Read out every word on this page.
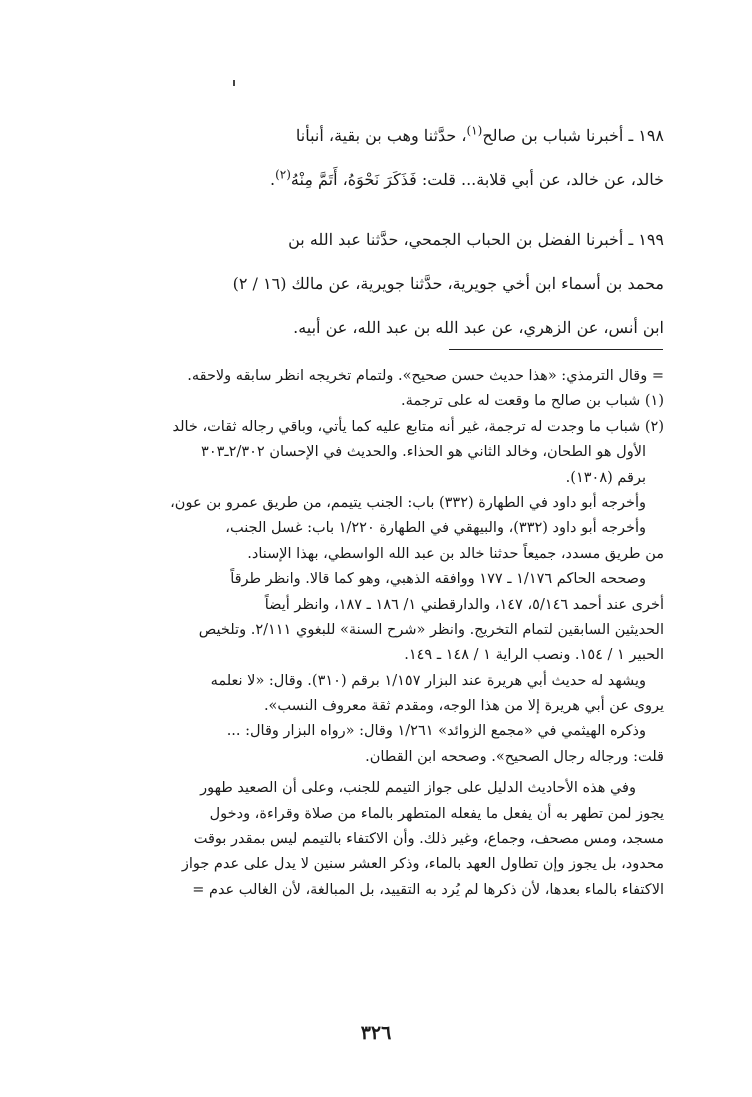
١٩٨ ـ أخبرنا شباب بن صالح$^{(١)}$، حدَّثنا وهب بن بقية، أنبأنا
خالد، عن خالد، عن أبي قلابة... قلت: فَذَكَرَ نَحْوَهُ، أَتَمَّ مِنْهُ$^{(٢)}$.

١٩٩ ـ أخبرنا الفضل بن الحباب الجمحي، حدَّثنا عبد الله بن
محمد بن أسماء ابن أخي جويرية، حدَّثنا جويرية، عن مالك (١٦ / ٢)
ابن أنس، عن الزهري، عن عبد الله بن عبد الله، عن أبيه.

= وقال الترمذي: «هذا حديث حسن صحيح». ولتمام تخريجه انظر سابقه ولاحقه.
(١) شباب بن صالح ما وقعت له على ترجمة.
(٢) شباب ما وجدت له ترجمة، غير أنه متابع عليه كما يأتي، وباقي رجاله ثقات، خالد
الأول هو الطحان، وخالد الثاني هو الحذاء. والحديث في الإحسان ٢/٣٠٢ـ٣٠٣
برقم (١٣٠٨).
وأخرجه أبو داود في الطهارة (٣٣٢) باب: الجنب يتيمم، من طريق عمرو بن عون،
وأخرجه أبو داود (٣٣٢)، والبيهقي في الطهارة ١/٢٢٠ باب: غسل الجنب،
من طريق مسدد، جميعاً حدثنا خالد بن عبد الله الواسطي، بهذا الإسناد.
وصححه الحاكم ١/١٧٦ ـ ١٧٧ ووافقه الذهبي، وهو كما قالا. وانظر طرقاً
أخرى عند أحمد ٥/١٤٦، ١٤٧، والدارقطني ١/ ١٨٦ ـ ١٨٧، وانظر أيضاً
الحديثين السابقين لتمام التخريج. وانظر «شرح السنة» للبغوي ٢/١١١. وتلخيص
الحبير ١ / ١٥٤. ونصب الراية ١ / ١٤٨ ـ ١٤٩.
ويشهد له حديث أبي هريرة عند البزار ١/١٥٧ برقم (٣١٠). وقال: «لا نعلمه
يروى عن أبي هريرة إلا من هذا الوجه، ومقدم ثقة معروف النسب».
وذكره الهيثمي في «مجمع الزوائد» ١/٢٦١ وقال: «رواه البزار وقال: ...
قلت: ورجاله رجال الصحيح». وصححه ابن القطان.
وفي هذه الأحاديث الدليل على جواز التيمم للجنب، وعلى أن الصعيد طهور
يجوز لمن تطهر به أن يفعل ما يفعله المتطهر بالماء من صلاة وقراءة، ودخول
مسجد، ومس مصحف، وجماع، وغير ذلك. وأن الاكتفاء بالتيمم ليس بمقدر بوقت
محدود، بل يجوز وإن تطاول العهد بالماء، وذكر العشر سنين لا يدل على عدم جواز
الاكتفاء بالماء بعدها، لأن ذكرها لم يُرد به التقييد، بل المبالغة، لأن الغالب عدم =
٣٢٦
